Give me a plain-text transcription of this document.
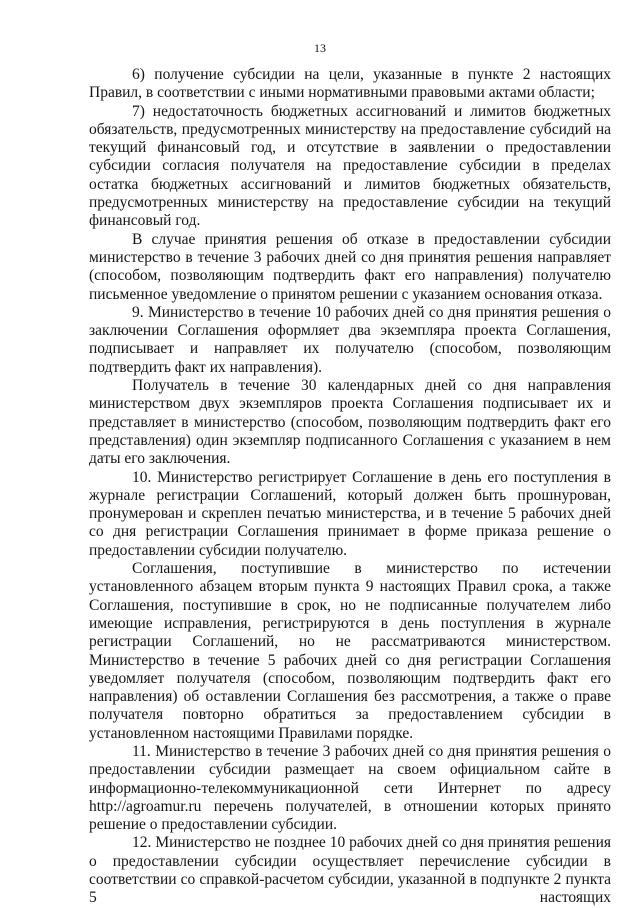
13

6) получение субсидии на цели, указанные в пункте 2 настоящих Правил, в соответствии с иными нормативными правовыми актами области;

7) недостаточность бюджетных ассигнований и лимитов бюджетных обязательств, предусмотренных министерству на предоставление субсидий на текущий финансовый год, и отсутствие в заявлении о предоставлении субсидии согласия получателя на предоставление субсидии в пределах остатка бюджетных ассигнований и лимитов бюджетных обязательств, предусмотренных министерству на предоставление субсидии на текущий финансовый год.

В случае принятия решения об отказе в предоставлении субсидии министерство в течение 3 рабочих дней со дня принятия решения направляет (способом, позволяющим подтвердить факт его направления) получателю письменное уведомление о принятом решении с указанием основания отказа.

9. Министерство в течение 10 рабочих дней со дня принятия решения о заключении Соглашения оформляет два экземпляра проекта Соглашения, подписывает и направляет их получателю (способом, позволяющим подтвердить факт их направления).

Получатель в течение 30 календарных дней со дня направления министерством двух экземпляров проекта Соглашения подписывает их и представляет в министерство (способом, позволяющим подтвердить факт его представления) один экземпляр подписанного Соглашения с указанием в нем даты его заключения.

10. Министерство регистрирует Соглашение в день его поступления в журнале регистрации Соглашений, который должен быть прошнурован, пронумерован и скреплен печатью министерства, и в течение 5 рабочих дней со дня регистрации Соглашения принимает в форме приказа решение о предоставлении субсидии получателю.

Соглашения, поступившие в министерство по истечении установленного абзацем вторым пункта 9 настоящих Правил срока, а также Соглашения, поступившие в срок, но не подписанные получателем либо имеющие исправления, регистрируются в день поступления в журнале регистрации Соглашений, но не рассматриваются министерством. Министерство в течение 5 рабочих дней со дня регистрации Соглашения уведомляет получателя (способом, позволяющим подтвердить факт его направления) об оставлении Соглашения без рассмотрения, а также о праве получателя повторно обратиться за предоставлением субсидии в установленном настоящими Правилами порядке.

11. Министерство в течение 3 рабочих дней со дня принятия решения о предоставлении субсидии размещает на своем официальном сайте в информационно-телекоммуникационной сети Интернет по адресу http://agroamur.ru перечень получателей, в отношении которых принято решение о предоставлении субсидии.

12. Министерство не позднее 10 рабочих дней со дня принятия решения о предоставлении субсидии осуществляет перечисление субсидии в соответствии со справкой-расчетом субсидии, указанной в подпункте 2 пункта 5 настоящих
